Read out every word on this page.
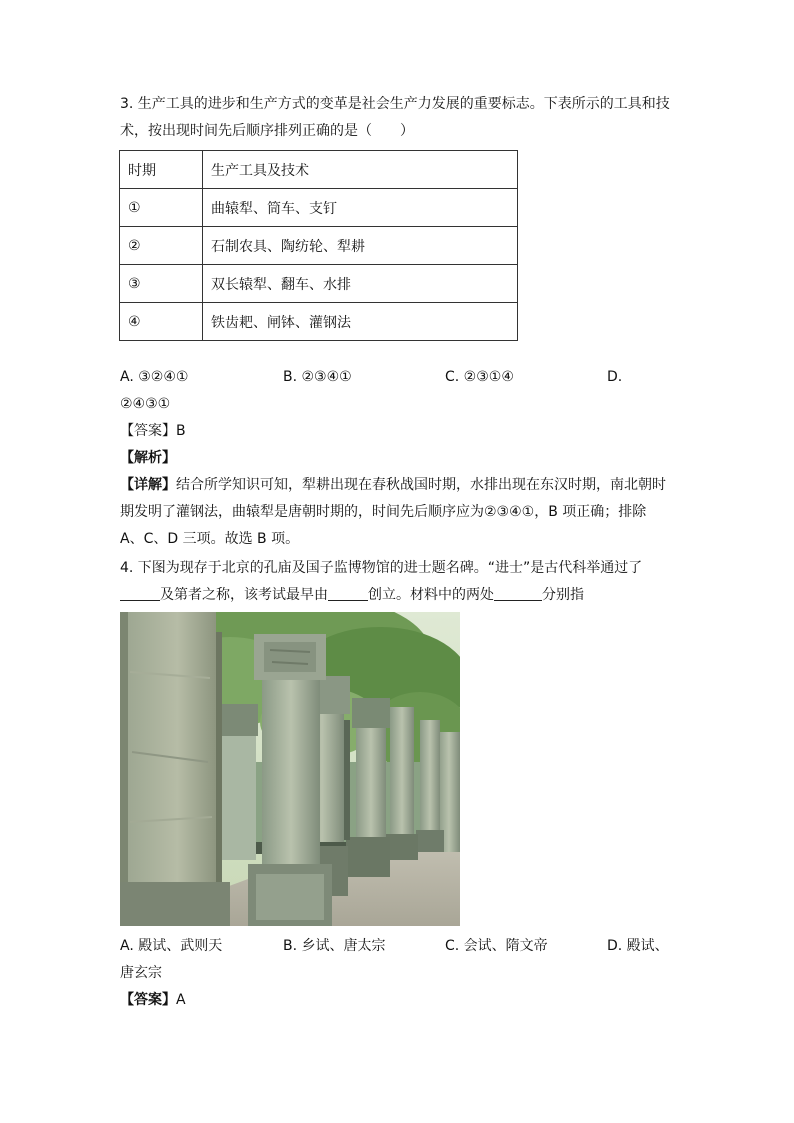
3. 生产工具的进步和生产方式的变革是社会生产力发展的重要标志。下表所示的工具和技
术，按出现时间先后顺序排列正确的是（　　）
时期	生产工具及技术
①	曲辕犁、筒车、支钉
②	石制农具、陶纺轮、犁耕
③	双长辕犁、翻车、水排
④	铁齿耙、闸钵、灌钢法
A. ③②④①	B. ②③④①	C. ②③①④	D.
②④③①
【答案】B
【解析】
【详解】结合所学知识可知，犁耕出现在春秋战国时期，水排出现在东汉时期，南北朝时
期发明了灌钢法，曲辕犁是唐朝时期的，时间先后顺序应为②③④①，B 项正确；排除
A、C、D 三项。故选 B 项。
4. 下图为现存于北京的孔庙及国子监博物馆的进士题名碑。“进士”是古代科举通过了
及第者之称，该考试最早由	创立。材料中的两处	分别指
A. 殿试、武则天	B. 乡试、唐太宗	C. 会试、隋文帝	D. 殿试、
唐玄宗
【答案】A
